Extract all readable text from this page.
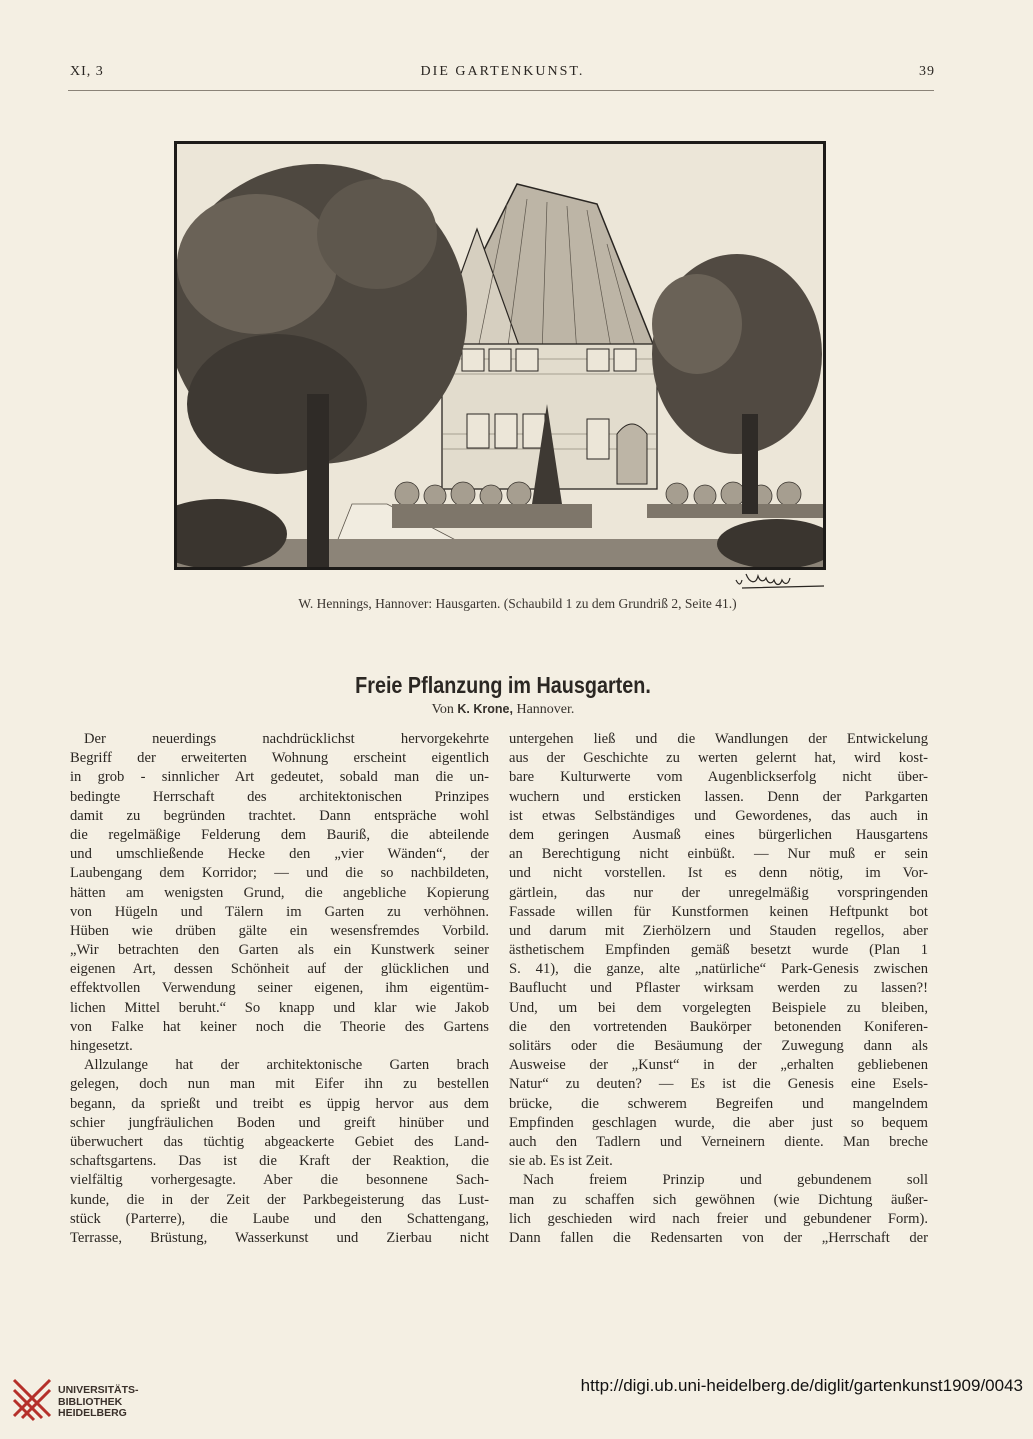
XI, 3	DIE GARTENKUNST.	39
W. Hennings, Hannover: Hausgarten. (Schaubild 1 zu dem Grundriß 2, Seite 41.)
Freie Pflanzung im Hausgarten.
Von K. Krone, Hannover.
Der neuerdings nachdrücklichst hervorgekehrte
Begriff der erweiterten Wohnung erscheint eigentlich
in grob - sinnlicher Art gedeutet, sobald man die un-
bedingte Herrschaft des architektonischen Prinzipes
damit zu begründen trachtet. Dann entspräche wohl
die regelmäßige Felderung dem Bauriß, die abteilende
und umschließende Hecke den „vier Wänden“, der
Laubengang dem Korridor; — und die so nachbildeten,
hätten am wenigsten Grund, die angebliche Kopierung
von Hügeln und Tälern im Garten zu verhöhnen.
Hüben wie drüben gälte ein wesensfremdes Vorbild.
„Wir betrachten den Garten als ein Kunstwerk seiner
eigenen Art, dessen Schönheit auf der glücklichen und
effektvollen Verwendung seiner eigenen, ihm eigentüm-
lichen Mittel beruht.“ So knapp und klar wie Jakob
von Falke hat keiner noch die Theorie des Gartens
hingesetzt.
Allzulange hat der architektonische Garten brach
gelegen, doch nun man mit Eifer ihn zu bestellen
begann, da sprießt und treibt es üppig hervor aus dem
schier jungfräulichen Boden und greift hinüber und
überwuchert das tüchtig abgeackerte Gebiet des Land-
schaftsgartens. Das ist die Kraft der Reaktion, die
vielfältig vorhergesagte. Aber die besonnene Sach-
kunde, die in der Zeit der Parkbegeisterung das Lust-
stück (Parterre), die Laube und den Schattengang,
Terrasse, Brüstung, Wasserkunst und Zierbau nicht
untergehen ließ und die Wandlungen der Entwickelung
aus der Geschichte zu werten gelernt hat, wird kost-
bare Kulturwerte vom Augenblickserfolg nicht über-
wuchern und ersticken lassen. Denn der Parkgarten
ist etwas Selbständiges und Gewordenes, das auch in
dem geringen Ausmaß eines bürgerlichen Hausgartens
an Berechtigung nicht einbüßt. — Nur muß er sein
und nicht vorstellen. Ist es denn nötig, im Vor-
gärtlein, das nur der unregelmäßig vorspringenden
Fassade willen für Kunstformen keinen Heftpunkt bot
und darum mit Zierhölzern und Stauden regellos, aber
ästhetischem Empfinden gemäß besetzt wurde (Plan 1
S. 41), die ganze, alte „natürliche“ Park-Genesis zwischen
Bauflucht und Pflaster wirksam werden zu lassen?!
Und, um bei dem vorgelegten Beispiele zu bleiben,
die den vortretenden Baukörper betonenden Koniferen-
solitärs oder die Besäumung der Zuwegung dann als
Ausweise der „Kunst“ in der „erhalten gebliebenen
Natur“ zu deuten? — Es ist die Genesis eine Esels-
brücke, die schwerem Begreifen und mangelndem
Empfinden geschlagen wurde, die aber just so bequem
auch den Tadlern und Verneinern diente. Man breche
sie ab. Es ist Zeit.
Nach freiem Prinzip und gebundenem soll
man zu schaffen sich gewöhnen (wie Dichtung äußer-
lich geschieden wird nach freier und gebundener Form).
Dann fallen die Redensarten von der „Herrschaft der
UNIVERSITÄTS-
BIBLIOTHEK
HEIDELBERG
http://digi.ub.uni-heidelberg.de/diglit/gartenkunst1909/0043
